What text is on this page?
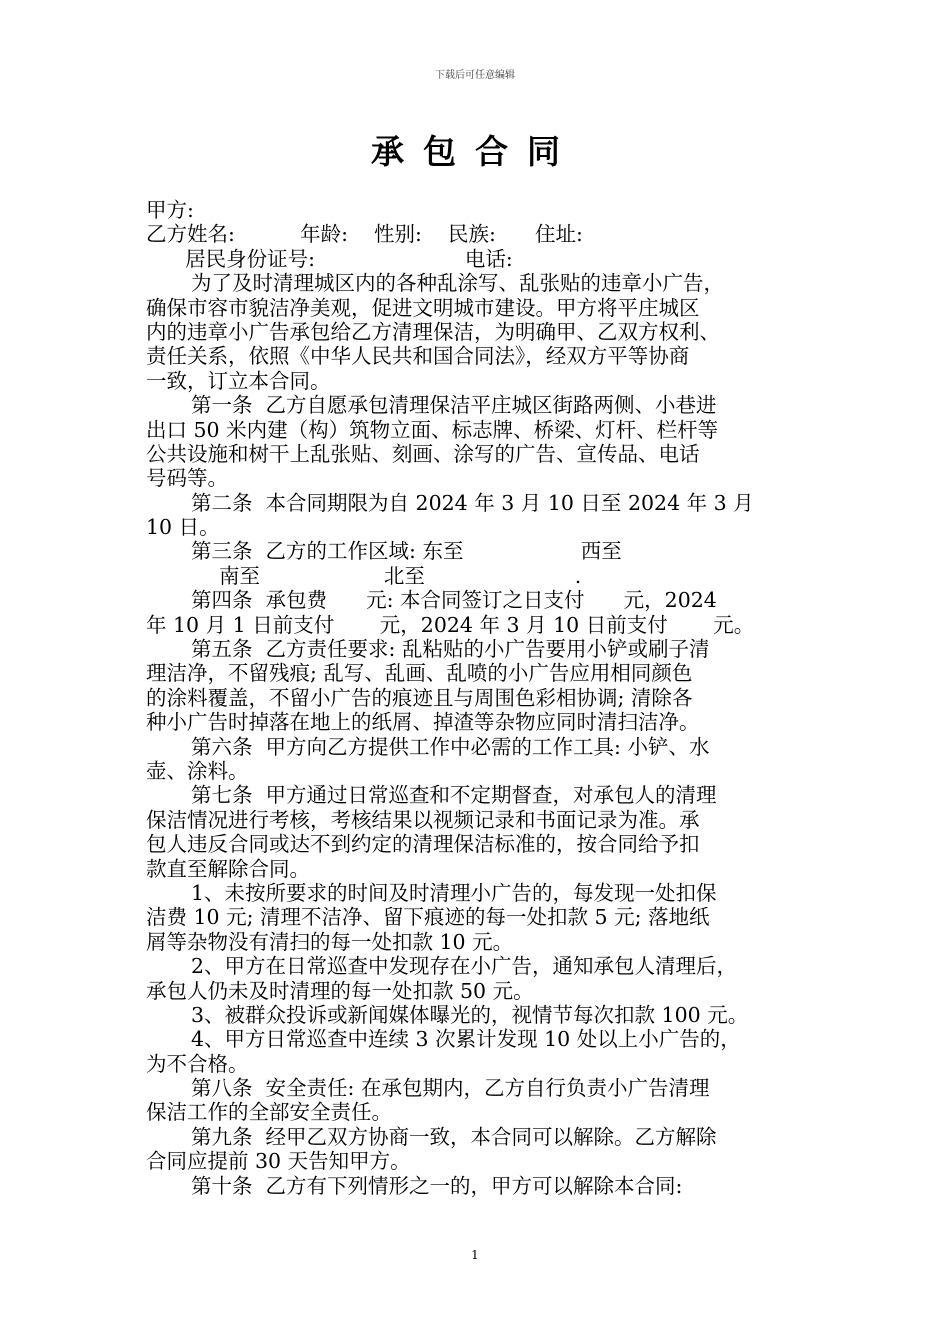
下载后可任意编辑
承包合同
甲方:
乙方姓名:          年龄:    性别:    民族:      住址:
居民身份证号:                       电话:
为了及时清理城区内的各种乱涂写、乱张贴的违章小广告，
确保市容市貌洁净美观，促进文明城市建设。甲方将平庄城区
内的违章小广告承包给乙方清理保洁，为明确甲、乙双方权利、
责任关系，依照《中华人民共和国合同法》，经双方平等协商
一致，订立本合同。
第一条  乙方自愿承包清理保洁平庄城区街路两侧、小巷进
出口 50 米内建（构）筑物立面、标志牌、桥梁、灯杆、栏杆等
公共设施和树干上乱张贴、刻画、涂写的广告、宣传品、电话
号码等。
第二条  本合同期限为自 2024 年 3 月 10 日至 2024 年 3 月
10 日。
第三条  乙方的工作区域: 东至                  西至
南至                   北至                       .
第四条  承包费      元: 本合同签订之日支付      元，2024
年 10 月 1 日前支付       元，2024 年 3 月 10 日前支付       元。
第五条  乙方责任要求: 乱粘贴的小广告要用小铲或刷子清
理洁净，不留残痕; 乱写、乱画、乱喷的小广告应用相同颜色
的涂料覆盖，不留小广告的痕迹且与周围色彩相协调; 清除各
种小广告时掉落在地上的纸屑、掉渣等杂物应同时清扫洁净。
第六条  甲方向乙方提供工作中必需的工作工具: 小铲、水
壶、涂料。
第七条  甲方通过日常巡查和不定期督查，对承包人的清理
保洁情况进行考核，考核结果以视频记录和书面记录为准。承
包人违反合同或达不到约定的清理保洁标准的，按合同给予扣
款直至解除合同。
1、未按所要求的时间及时清理小广告的，每发现一处扣保
洁费 10 元; 清理不洁净、留下痕迹的每一处扣款 5 元; 落地纸
屑等杂物没有清扫的每一处扣款 10 元。
2、甲方在日常巡查中发现存在小广告，通知承包人清理后，
承包人仍未及时清理的每一处扣款 50 元。
3、被群众投诉或新闻媒体曝光的，视情节每次扣款 100 元。
4、甲方日常巡查中连续 3 次累计发现 10 处以上小广告的，
为不合格。
第八条  安全责任: 在承包期内，乙方自行负责小广告清理
保洁工作的全部安全责任。
第九条  经甲乙双方协商一致，本合同可以解除。乙方解除
合同应提前 30 天告知甲方。
第十条  乙方有下列情形之一的，甲方可以解除本合同:
1
